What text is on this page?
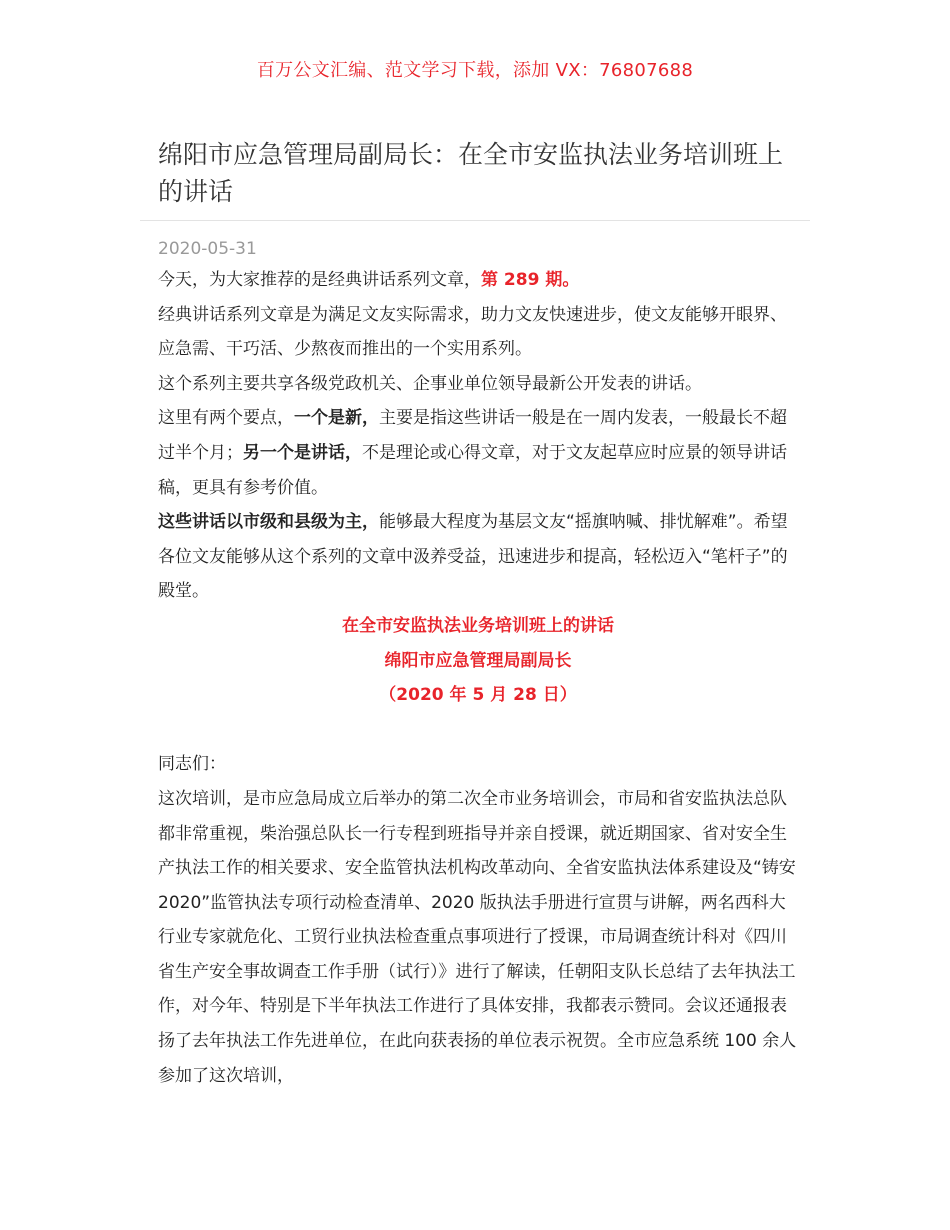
百万公文汇编、范文学习下载，添加 VX：76807688
绵阳市应急管理局副局长：在全市安监执法业务培训班上的讲话
2020-05-31

今天，为大家推荐的是经典讲话系列文章，第 289 期。

经典讲话系列文章是为满足文友实际需求，助力文友快速进步，使文友能够开眼界、应急需、干巧活、少熬夜而推出的一个实用系列。

这个系列主要共享各级党政机关、企事业单位领导最新公开发表的讲话。

这里有两个要点，一个是新，主要是指这些讲话一般是在一周内发表，一般最长不超过半个月；另一个是讲话，不是理论或心得文章，对于文友起草应时应景的领导讲话稿，更具有参考价值。

这些讲话以市级和县级为主，能够最大程度为基层文友“摇旗呐喊、排忧解难”。希望各位文友能够从这个系列的文章中汲养受益，迅速进步和提高，轻松迈入“笔杆子”的殿堂。

在全市安监执法业务培训班上的讲话

绵阳市应急管理局副局长

（2020 年 5 月 28 日）

同志们：

这次培训，是市应急局成立后举办的第二次全市业务培训会，市局和省安监执法总队都非常重视，柴治强总队长一行专程到班指导并亲自授课，就近期国家、省对安全生产执法工作的相关要求、安全监管执法机构改革动向、全省安监执法体系建设及“铸安 2020”监管执法专项行动检查清单、2020 版执法手册进行宣贯与讲解，两名西科大行业专家就危化、工贸行业执法检查重点事项进行了授课，市局调查统计科对《四川省生产安全事故调查工作手册（试行）》进行了解读，任朝阳支队长总结了去年执法工作，对今年、特别是下半年执法工作进行了具体安排，我都表示赞同。会议还通报表扬了去年执法工作先进单位，在此向获表扬的单位表示祝贺。全市应急系统 100 余人参加了这次培训，
